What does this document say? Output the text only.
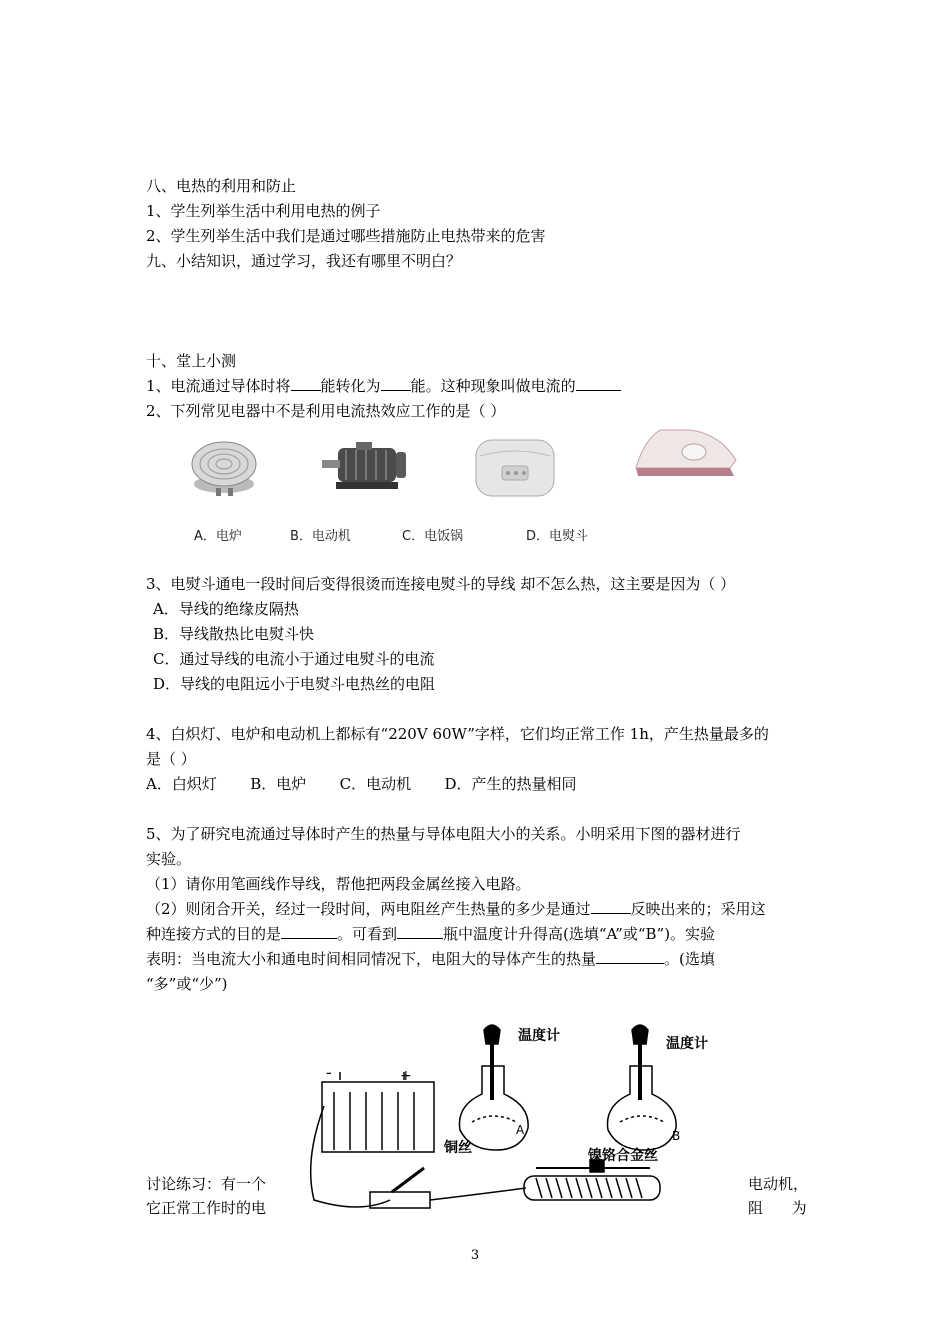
八、电热的利用和防止
1、学生列举生活中利用电热的例子
2、学生列举生活中我们是通过哪些措施防止电热带来的危害
九、小结知识，通过学习，我还有哪里不明白？
十、堂上小测
1、电流通过导体时将 能转化为 能。这种现象叫做电流的
2、下列常见电器中不是利用电流热效应工作的是（ ）
A．电炉	B．电动机	C．电饭锅	D．电熨斗
3、电熨斗通电一段时间后变得很烫而连接电熨斗的导线 却不怎么热，这主要是因为（ ）
A．导线的绝缘皮隔热
B．导线散热比电熨斗快
C．通过导线的电流小于通过电熨斗的电流
D．导线的电阻远小于电熨斗电热丝的电阻
4、白炽灯、电炉和电动机上都标有“220V 60W”字样，它们均正常工作 1h，产生热量最多的
是（ ）
A．白炽灯       B．电炉       C．电动机       D．产生的热量相同
5、为了研究电流通过导体时产生的热量与导体电阻大小的关系。小明采用下图的器材进行
实验。
（1）请你用笔画线作导线，帮他把两段金属丝接入电路。
（2）则闭合开关，经过一段时间，两电阻丝产生热量的多少是通过	反映出来的；采用这
种连接方式的目的是	。可看到	瓶中温度计升得高(选填“A”或“B”)。实验
表明：当电流大小和通电时间相同情况下，电阻大的导体产生的热量	。(选填
“多”或“少”)
-	+
温度计	温度计
铜丝
A	B
镍铬合金丝
讨论练习：有一个	电动机，
它正常工作时的电	阻      为
3
